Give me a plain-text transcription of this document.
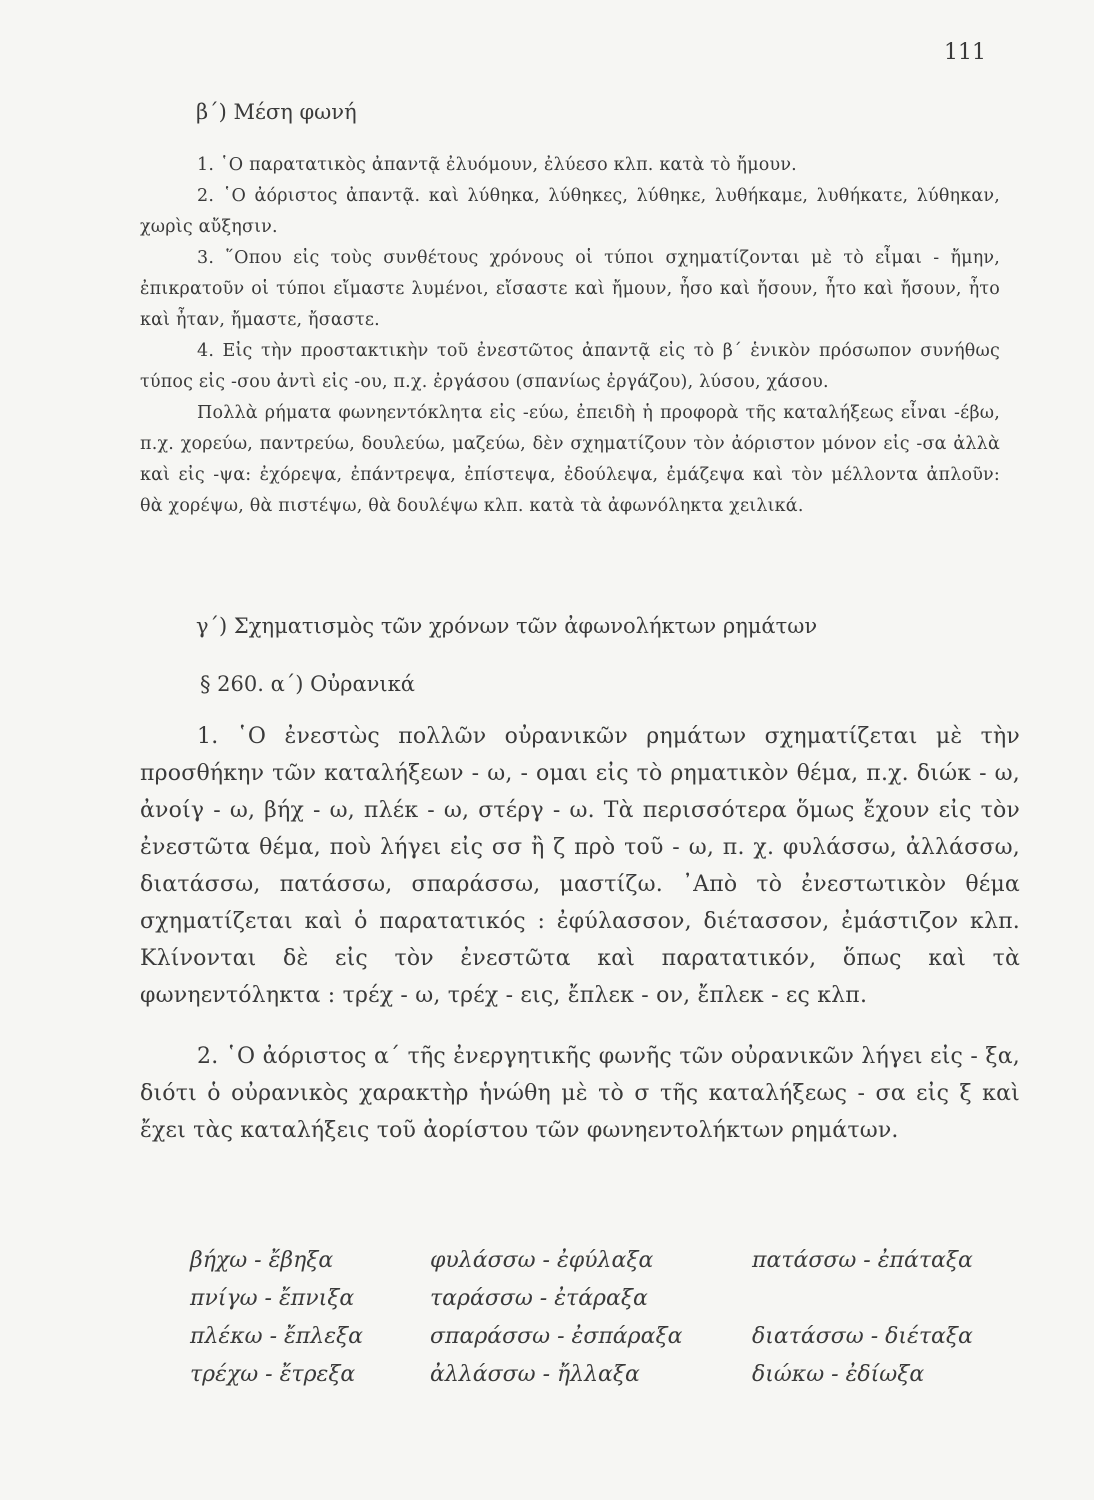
111
β΄) Μέση φωνή

1. ῾Ο παρατατικὸς ἀπαντᾷ ἐλυόμουν, ἐλύεσο κλπ. κατὰ τὸ ἤμουν.

2. ῾Ο ἀόριστος ἀπαντᾷ. καὶ λύθηκα, λύθηκες, λύθηκε, λυθήκαμε, λυθήκατε, λύθηκαν, χωρὶς αὔξησιν.

3. ῞Οπου εἰς τοὺς συνθέτους χρόνους οἱ τύποι σχηματίζονται μὲ τὸ εἶμαι - ἤμην, ἐπικρατοῦν οἱ τύποι εἴμαστε λυμένοι, εἴσαστε καὶ ἤμουν, ἦσο καὶ ἤσουν, ἦτο καὶ ἤσουν, ἦτο καὶ ἦταν, ἤμαστε, ἤσαστε.

4. Εἰς τὴν προστακτικὴν τοῦ ἐνεστῶτος ἀπαντᾷ εἰς τὸ β΄ ἑνικὸν πρόσωπον συνήθως τύπος εἰς -σου ἀντὶ εἰς -ου, π.χ. ἐργάσου (σπανίως ἐργάζου), λύσου, χάσου.

Πολλὰ ρήματα φωνηεντόκλητα εἰς -εύω, ἐπειδὴ ἡ προφορὰ τῆς καταλήξεως εἶναι -έβω, π.χ. χορεύω, παντρεύω, δουλεύω, μαζεύω, δὲν σχηματίζουν τὸν ἀόριστον μόνον εἰς -σα ἀλλὰ καὶ εἰς -ψα: ἐχόρεψα, ἐπάντρεψα, ἐπίστεψα, ἐδούλεψα, ἐμάζεψα καὶ τὸν μέλλοντα ἀπλοῦν: θὰ χορέψω, θὰ πιστέψω, θὰ δουλέψω κλπ. κατὰ τὰ ἀφωνόληκτα χειλικά.

γ΄) Σχηματισμὸς τῶν χρόνων τῶν ἀφωνολήκτων ρημάτων
§ 260. α΄) Οὐρανικά

1. ῾Ο ἐνεστὼς πολλῶν οὐρανικῶν ρημάτων σχηματίζεται μὲ τὴν προσθήκην τῶν καταλήξεων - ω, - ομαι εἰς τὸ ρηματικὸν θέμα, π.χ. διώκ - ω, ἀνοίγ - ω, βήχ - ω, πλέκ - ω, στέργ - ω. Τὰ περισσότερα ὅμως ἔχουν εἰς τὸν ἐνεστῶτα θέμα, ποὺ λήγει εἰς σσ ἢ ζ πρὸ τοῦ - ω, π. χ. φυλάσσω, ἀλλάσσω, διατάσσω, πατάσσω, σπαράσσω, μαστίζω. ᾿Απὸ τὸ ἐνεστωτικὸν θέμα σχηματίζεται καὶ ὁ παρατατικός : ἐφύλασσον, διέτασσον, ἐμάστιζον κλπ. Κλίνονται δὲ εἰς τὸν ἐνεστῶτα καὶ παρατατικόν, ὅπως καὶ τὰ φωνηεντόληκτα : τρέχ - ω, τρέχ - εις, ἔπλεκ - ον, ἔπλεκ - ες κλπ.

2. ῾Ο ἀόριστος α΄ τῆς ἐνεργητικῆς φωνῆς τῶν οὐρανικῶν λήγει εἰς - ξα, διότι ὁ οὐρανικὸς χαρακτὴρ ἡνώθη μὲ τὸ σ τῆς καταλήξεως - σα εἰς ξ καὶ ἔχει τὰς καταλήξεις τοῦ ἀορίστου τῶν φωνηεντολήκτων ρημάτων.

βήχω - ἔβηξα	φυλάσσω - ἐφύλαξα	πατάσσω - ἐπάταξα
πνίγω - ἔπνιξα	ταράσσω - ἐτάραξα
πλέκω - ἔπλεξα	σπαράσσω - ἐσπάραξα	διατάσσω - διέταξα
τρέχω - ἔτρεξα	ἀλλάσσω - ἤλλαξα	διώκω - ἐδίωξα
